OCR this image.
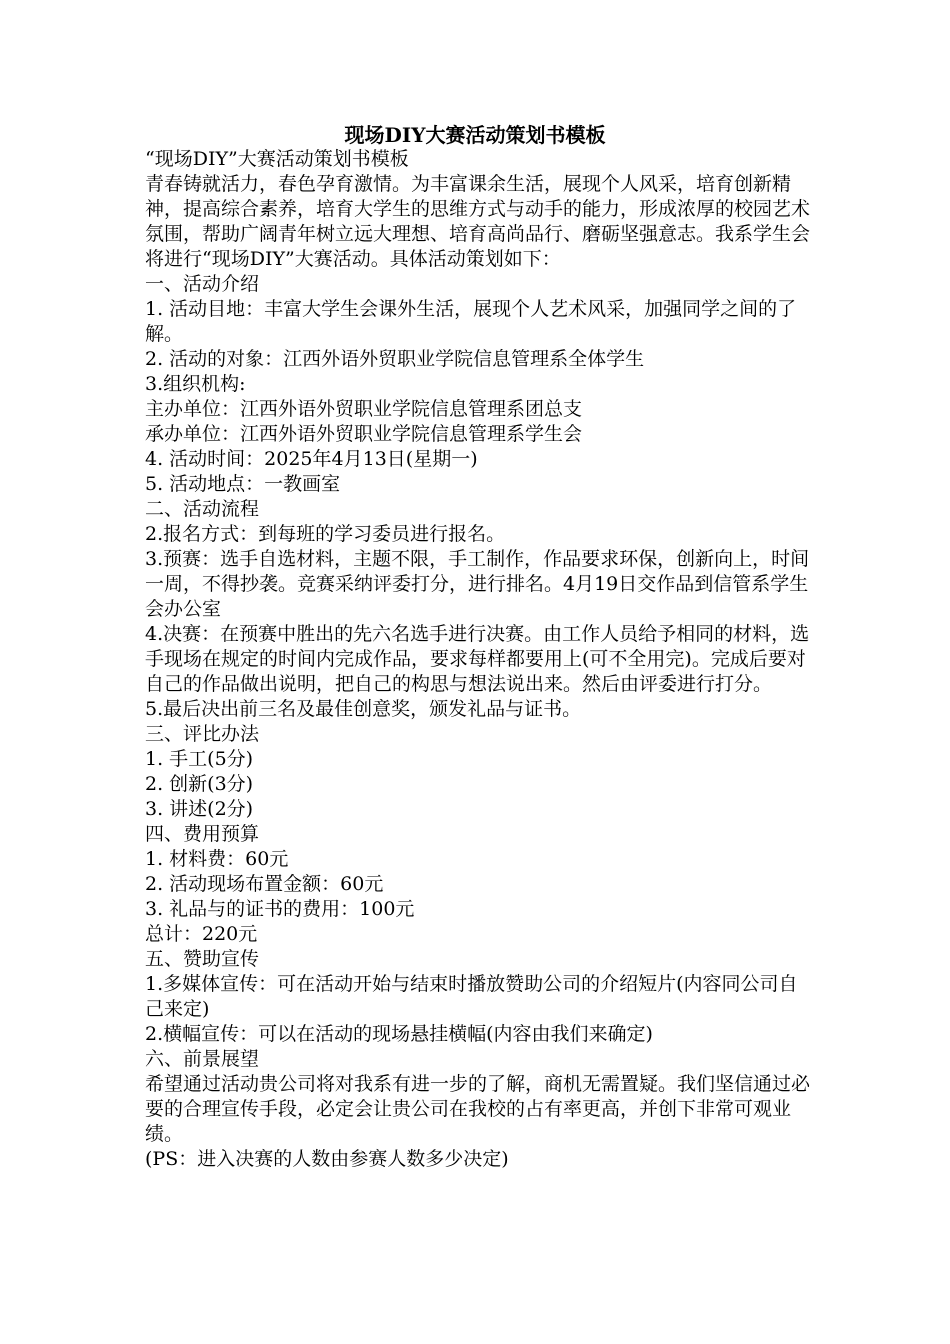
现场DIY大赛活动策划书模板

“现场DIY”大赛活动策划书模板

青春铸就活力，春色孕育激情。为丰富课余生活，展现个人风采，培育创新精神，提高综合素养，培育大学生的思维方式与动手的能力，形成浓厚的校园艺术氛围，帮助广阔青年树立远大理想、培育高尚品行、磨砺坚强意志。我系学生会将进行“现场DIY”大赛活动。具体活动策划如下：

一、活动介绍

1. 活动目地：丰富大学生会课外生活，展现个人艺术风采，加强同学之间的了解。

2. 活动的对象：江西外语外贸职业学院信息管理系全体学生

3.组织机构:

主办单位：江西外语外贸职业学院信息管理系团总支

承办单位：江西外语外贸职业学院信息管理系学生会

4. 活动时间：2025年4月13日(星期一)

5. 活动地点：一教画室

二、活动流程

2.报名方式：到每班的学习委员进行报名。

3.预赛：选手自选材料，主题不限，手工制作，作品要求环保，创新向上，时间一周，不得抄袭。竞赛采纳评委打分，进行排名。4月19日交作品到信管系学生会办公室

4.决赛：在预赛中胜出的先六名选手进行决赛。由工作人员给予相同的材料，选手现场在规定的时间内完成作品，要求每样都要用上(可不全用完)。完成后要对自己的作品做出说明，把自己的构思与想法说出来。然后由评委进行打分。

5.最后决出前三名及最佳创意奖，颁发礼品与证书。

三、评比办法

1. 手工(5分)

2. 创新(3分)

3. 讲述(2分)

四、费用预算

1. 材料费：60元

2. 活动现场布置金额：60元

3. 礼品与的证书的费用：100元

总计：220元

五、赞助宣传

1.多媒体宣传：可在活动开始与结束时播放赞助公司的介绍短片(内容同公司自己来定)

2.横幅宣传：可以在活动的现场悬挂横幅(内容由我们来确定)

六、前景展望

希望通过活动贵公司将对我系有进一步的了解，商机无需置疑。我们坚信通过必要的合理宣传手段，必定会让贵公司在我校的占有率更高，并创下非常可观业绩。

(PS：进入决赛的人数由参赛人数多少决定)
